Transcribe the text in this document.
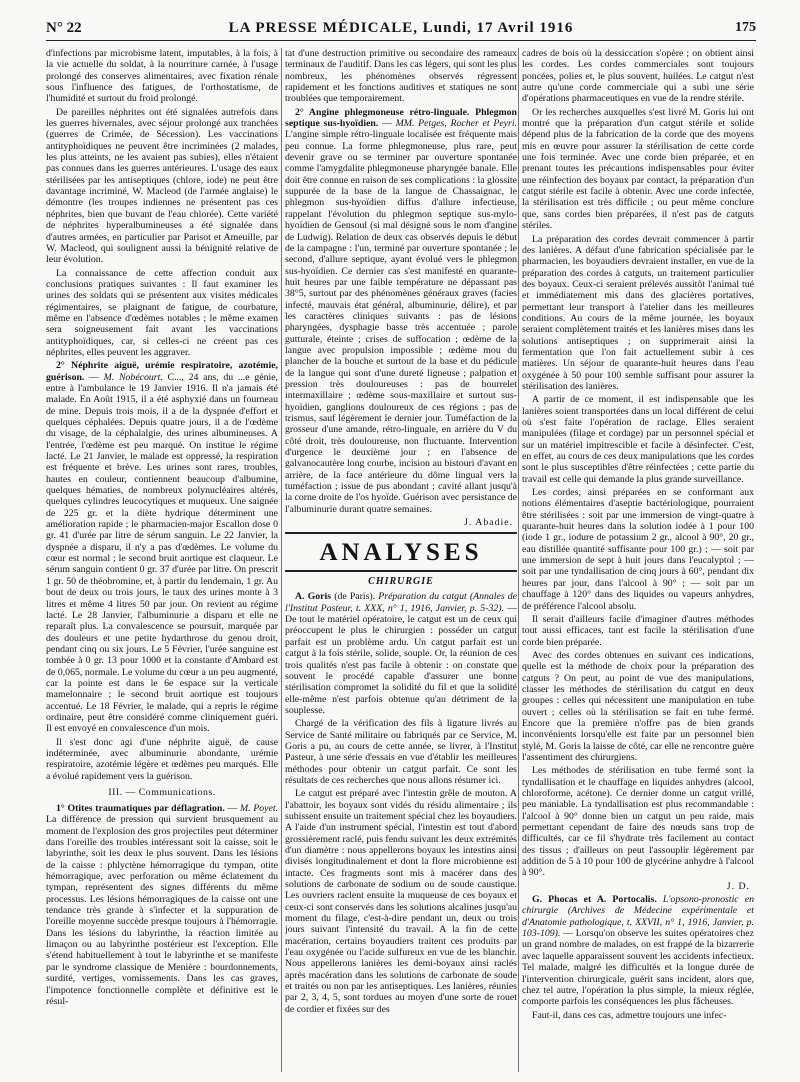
LA PRESSE MÉDICALE, Lundi, 17 Avril 1916
N° 22	175

d'infections par microbisme latent, imputables, à la fois, à la vie actuelle du soldat, à la nourriture carnée, à l'usage prolongé des conserves alimentaires, avec fixation rénale sous l'influence des fatigues, de l'orthostatisme, de l'humidité et surtout du froid prolongé.

De pareilles néphrites ont été signalées autrefois dans les guerres hivernales, avec séjour prolongé aux tranchées (guerres de Crimée, de Sécession). Les vaccinations antityphoïdiques ne peuvent être incriminées (2 malades, les plus atteints, ne les avaient pas subies), elles n'étaient pas connues dans les guerres antérieures. L'usage des eaux stérilisées par les antiseptiques (chlore, iode) ne peut être davantage incriminé, W. Macleod (de l'armée anglaise) le démontre (les troupes indiennes ne présentent pas ces néphrites, bien que buvant de l'eau chlorée). Cette variété de néphrites hyperalbumineuses a été signalée dans d'autres armées, en particulier par Parisot et Ameuille, par W. Macleod, qui soulignent aussi la bénignité relative de leur évolution.

La connaissance de cette affection conduit aux conclusions pratiques suivantes : Il faut examiner les urines des soldats qui se présentent aux visites médicales régimentaires, se plaignant de fatigue, de courbature, même en l'absence d'œdèmes notables ; le même examen sera soigneusement fait avant les vaccinations antityphoïdiques, car, si celles-ci ne créent pas ces néphrites, elles peuvent les aggraver.

2° Néphrite aiguë, urémie respiratoire, azotémie, guérison. — M. Nobécourt. C..., 24 ans, du ...e génie, entre à l'ambulance le 19 Janvier 1916. Il n'a jamais été malade. En Août 1915, il a été asphyxié dans un fourneau de mine. Depuis trois mois, il a de la dyspnée d'effort et quelques céphalées. Depuis quatre jours, il a de l'œdème du visage, de la céphalalgie, des urines albumineuses. A l'entrée, l'œdème est peu marqué. On institue le régime lacté. Le 21 Janvier, le malade est oppressé, la respiration est fréquente et brève. Les urines sont rares, troubles, hautes en couleur, contiennent beaucoup d'albumine, quelques hématies, de nombreux polynucléaires altérés, quelques cylindres leucocytiques et muqueux. Une saignée de 225 gr. et la diète hydrique déterminent une amélioration rapide ; le pharmacien-major Escallon dose 0 gr. 41 d'urée par litre de sérum sanguin. Le 22 Janvier, la dyspnée a disparu, il n'y a pas d'œdèmes. Le volume du cœur est normal ; le second bruit aortique est claqueur. Le sérum sanguin contient 0 gr. 37 d'urée par litre. On prescrit 1 gr. 50 de théobromine, et, à partir du lendemain, 1 gr. Au bout de deux ou trois jours, le taux des urines monte à 3 litres et même 4 litres 50 par jour. On revient au régime lacté. Le 28 Janvier, l'albuminurie a disparu et elle ne reparaît plus. La convalescence se poursuit, marquée par des douleurs et une petite hydarthrose du genou droit, pendant cinq ou six jours. Le 5 Février, l'urée sanguine est tombée à 0 gr. 13 pour 1000 et la constante d'Ambard est de 0,065, normale. Le volume du cœur a un peu augmenté, car la pointe est dans le 6e espace sur la verticale mamelonnaire ; le second bruit aortique est toujours accentué. Le 18 Février, le malade, qui a repris le régime ordinaire, peut être considéré comme cliniquement guéri. Il est envoyé en convalescence d'un mois.

Il s'est donc agi d'une néphrite aiguë, de cause indéterminée, avec albuminurie abondante, urémie respiratoire, azotémie légère et œdèmes peu marqués. Elle a évolué rapidement vers la guérison.

III. — Communications.

1° Otites traumatiques par déflagration. — M. Poyet. La différence de pression qui survient brusquement au moment de l'explosion des gros projectiles peut déterminer dans l'oreille des troubles intéressant soit la caisse, soit le labyrinthe, soit les deux le plus souvent. Dans les lésions de la caisse : phlyctène hémorragique du tympan, otite hémorragique, avec perforation ou même éclatement du tympan, représentent des signes différents du même processus. Les lésions hémorragiques de la caisse ont une tendance très grande à s'infecter et la suppuration de l'oreille moyenne succède presque toujours à l'hémorragie. Dans les lésions du labyrinthe, la réaction limitée au limaçon ou au labyrinthe postérieur est l'exception. Elle s'étend habituellement à tout le labyrinthe et se manifeste par le syndrome classique de Menière : bourdonnements, surdité, vertiges, vomissements. Dans les cas graves, l'impotence fonctionnelle complète et définitive est le résul-

tat d'une destruction primitive ou secondaire des rameaux terminaux de l'auditif. Dans les cas légers, qui sont les plus nombreux, les phénomènes observés régressent rapidement et les fonctions auditives et statiques ne sont troublées que temporairement.

2° Angine phlegmoneuse rétro-linguale. Phlegmon septique sus-hyoïdien. — MM. Petges, Rocher et Peyri. L'angine simple rétro-linguale localisée est fréquente mais peu connue. La forme phlegmoneuse, plus rare, peut devenir grave ou se terminer par ouverture spontanée comme l'amygdalite phlegmoneuse pharyngée banale. Elle doit être connue en raison de ses complications : la glossite suppurée de la base de la langue de Chassaignac, le phlegmon sus-hyoïdien diffus d'allure infectieuse, rappelant l'évolution du phlegmon septique sus-mylo-hyoïdien de Gensoul (si mal désigné sous le nom d'angine de Ludwig). Relation de deux cas observés depuis le début de la campagne : l'un, terminé par ouverture spontanée ; le second, d'allure septique, ayant évolué vers le phlegmon sus-hyoïdien. Ce dernier cas s'est manifesté en quarante-huit heures par une faible température ne dépassant pas 38°5, surtout par des phénomènes généraux graves (facies infecté, mauvais état général, albuminurie, délire), et par les caractères cliniques suivants : pas de lésions pharyngées, dysphagie basse très accentuée ; parole gutturale, éteinte ; crises de suffocation ; œdème de la langue avec propulsion impossible ; œdème mou du plancher de la bouche et surtout de la base et du pédicule de la langue qui sont d'une dureté ligneuse ; palpation et pression très douloureuses : pas de bourrelet intermaxillaire ; œdème sous-maxillaire et surtout sus-hyoïdien, ganglions douloureux de ces régions ; pas de trismus, sauf légèrement le dernier jour. Tuméfaction de la grosseur d'une amande, rétro-linguale, en arrière du V du côté droit, très douloureuse, non fluctuante. Intervention d'urgence le deuxième jour ; en l'absence de galvanocautère long courbe, incision au bistouri d'avant en arrière, de la face antérieure du dôme lingual vers la tuméfaction ; issue de pus abondant ; cavité allant jusqu'à la corne droite de l'os hyoïde. Guérison avec persistance de l'albuminurie durant quatre semaines.

J. Abadie.
ANALYSES
CHIRURGIE

A. Goris (de Paris). Préparation du catgut (Annales de l'Institut Pasteur, t. XXX, n° 1, 1916, Janvier, p. 5-32). — De tout le matériel opératoire, le catgut est un de ceux qui préoccupent le plus le chirurgien : posséder un catgut parfait est un problème ardu. Un catgut parfait est un catgut à la fois stérile, solide, souple. Or, la réunion de ces trois qualités n'est pas facile à obtenir : on constate que souvent le procédé capable d'assurer une bonne stérilisation compromet la solidité du fil et que la solidité elle-même n'est parfois obtenue qu'au détriment de la souplesse.

Chargé de la vérification des fils à ligature livrés au Service de Santé militaire ou fabriqués par ce Service, M. Goris a pu, au cours de cette année, se livrer, à l'Institut Pasteur, à une série d'essais en vue d'établir les meilleures méthodes pour obtenir un catgut parfait. Ce sont les résultats de ces recherches que nous allons résumer ici.

Le catgut est préparé avec l'intestin grêle de mouton. A l'abattoir, les boyaux sont vidés du résidu alimentaire ; ils subissent ensuite un traitement spécial chez les boyaudiers. A l'aide d'un instrument spécial, l'intestin est tout d'abord grossièrement raclé, puis fendu suivant les deux extrémités d'un diamètre : nous appellerons boyaux les intestins ainsi divisés longitudinalement et dont la flore microbienne est intacte. Ces fragments sont mis à macérer dans des solutions de carbonate de sodium ou de soude caustique. Les ouvriers raclent ensuite la muqueuse de ces boyaux et ceux-ci sont conservés dans les solutions alcalines jusqu'au moment du filage, c'est-à-dire pendant un, deux ou trois jours suivant l'intensité du travail. A la fin de cette macération, certains boyaudiers traitent ces produits par l'eau oxygénée ou l'acide sulfureux en vue de les blanchir. Nous appellerons lanières les demi-boyaux ainsi raclés après macération dans les solutions de carbonate de soude et traités ou non par les antiseptiques. Les lanières, réunies par 2, 3, 4, 5, sont tordues au moyen d'une sorte de rouet de cordier et fixées sur des

cadres de bois où la dessiccation s'opère ; on obtient ainsi les cordes. Les cordes commerciales sont toujours poncées, polies et, le plus souvent, huilées. Le catgut n'est autre qu'une corde commerciale qui a subi une série d'opérations pharmaceutiques en vue de la rendre stérile.

Or les recherches auxquelles s'est livré M. Goris lui ont montré que la préparation d'un catgut stérile et solide dépend plus de la fabrication de la corde que des moyens mis en œuvre pour assurer la stérilisation de cette corde une fois terminée. Avec une corde bien préparée, et en prenant toutes les précautions indispensables pour éviter une réinfection des boyaux par contact, la préparation d'un catgut stérile est facile à obtenir. Avec une corde infectée, la stérilisation est très difficile ; ou peut même conclure que, sans cordes bien préparées, il n'est pas de catguts stériles.

La préparation des cordes devrait commencer à partir des lanières. A défaut d'une fabrication spécialisée par le pharmacien, les boyaudiers devraient installer, en vue de la préparation des cordes à catguts, un traitement particulier des boyaux. Ceux-ci seraient prélevés aussitôt l'animal tué et immédiatement mis dans des glacières portatives, permettant leur transport à l'atelier dans les meilleures conditions. Au cours de la même journée, les boyaux seraient complètement traités et les lanières mises dans les solutions antiseptiques ; on supprimerait ainsi la fermentation que l'on fait actuellement subir à ces matières. Un séjour de quarante-huit heures dans l'eau oxygénée à 50 pour 100 semble suffisant pour assurer la stérilisation des lanières.

A partir de ce moment, il est indispensable que les lanières soient transportées dans un local différent de celui où s'est faite l'opération de raclage. Elles seraient manipulées (filage et cordage) par un personnel spécial et sur un matériel impitrescible et facile à désinfecter. C'est, en effet, au cours de ces deux manipulations que les cordes sont le plus susceptibles d'être réinfectées ; cette partie du travail est celle qui demande la plus grande surveillance.

Les cordes, ainsi préparées en se conformant aux notions élémentaires d'aseptie bactériologique, pourraient être stérilisées : soit par une immersion de vingt-quatre à quarante-huit heures dans la solution iodée à 1 pour 100 (iode 1 gr., iodure de potassium 2 gr., alcool à 90°, 20 gr., eau distillée quantité suffisante pour 100 gr.) ; — soit par une immersion de sept à huit jours dans l'eucalyptol ; — soit par une tyndallisation de cinq jours à 60°, pendant dix heures par jour, dans l'alcool à 90° ; — soit par un chauffage à 120° dans des liquides ou vapeurs anhydres, de préférence l'alcool absolu.

Il serait d'ailleurs facile d'imaginer d'autres méthodes tout aussi efficaces, tant est facile la stérilisation d'une corde bien préparée.

Avec des cordes obtenues en suivant ces indications, quelle est la méthode de choix pour la préparation des catguts ? On peut, au point de vue des manipulations, classer les méthodes de stérilisation du catgut en deux groupes : celles qui nécessitent une manipulation en tube ouvert ; celles où la stérilisation se fait en tube fermé. Encore que la première n'offre pas de bien grands inconvénients lorsqu'elle est faite par un personnel bien stylé, M. Goris la laisse de côté, car elle ne rencontre guère l'assentiment des chirurgiens.

Les méthodes de stérilisation en tube fermé sont la tyndallisation et le chauffage en liquides anhydres (alcool, chloroforme, acétone). Ce dernier donne un catgut vrillé, peu maniable. La tyndallisation est plus recommandable : l'alcool à 90° donne bien un catgut un peu raide, mais permettant cependant de faire des nœuds sans trop de difficultés, car ce fil s'hydrate très facilement au contact des tissus ; d'ailleurs on peut l'assouplir légèrement par addition de 5 à 10 pour 100 de glycérine anhydre à l'alcool à 90°.

J. D.

G. Phocas et A. Portocalis. L'opsono-pronostic en chirurgie (Archives de Médecine expérimentale et d'Anatomie pathologique, t. XXVII, n° 1, 1916, Janvier, p. 103-109). — Lorsqu'on observe les suites opératoires chez un grand nombre de malades, on est frappé de la bizarrerie avec laquelle apparaissent souvent les accidents infectieux. Tel malade, malgré les difficultés et la longue durée de l'intervention chirurgicale, guérit sans incident, alors que, chez tel autre, l'opération la plus simple, la mieux réglée, comporte parfois les conséquences les plus fâcheuses.

Faut-il, dans ces cas, admettre toujours une infec-
